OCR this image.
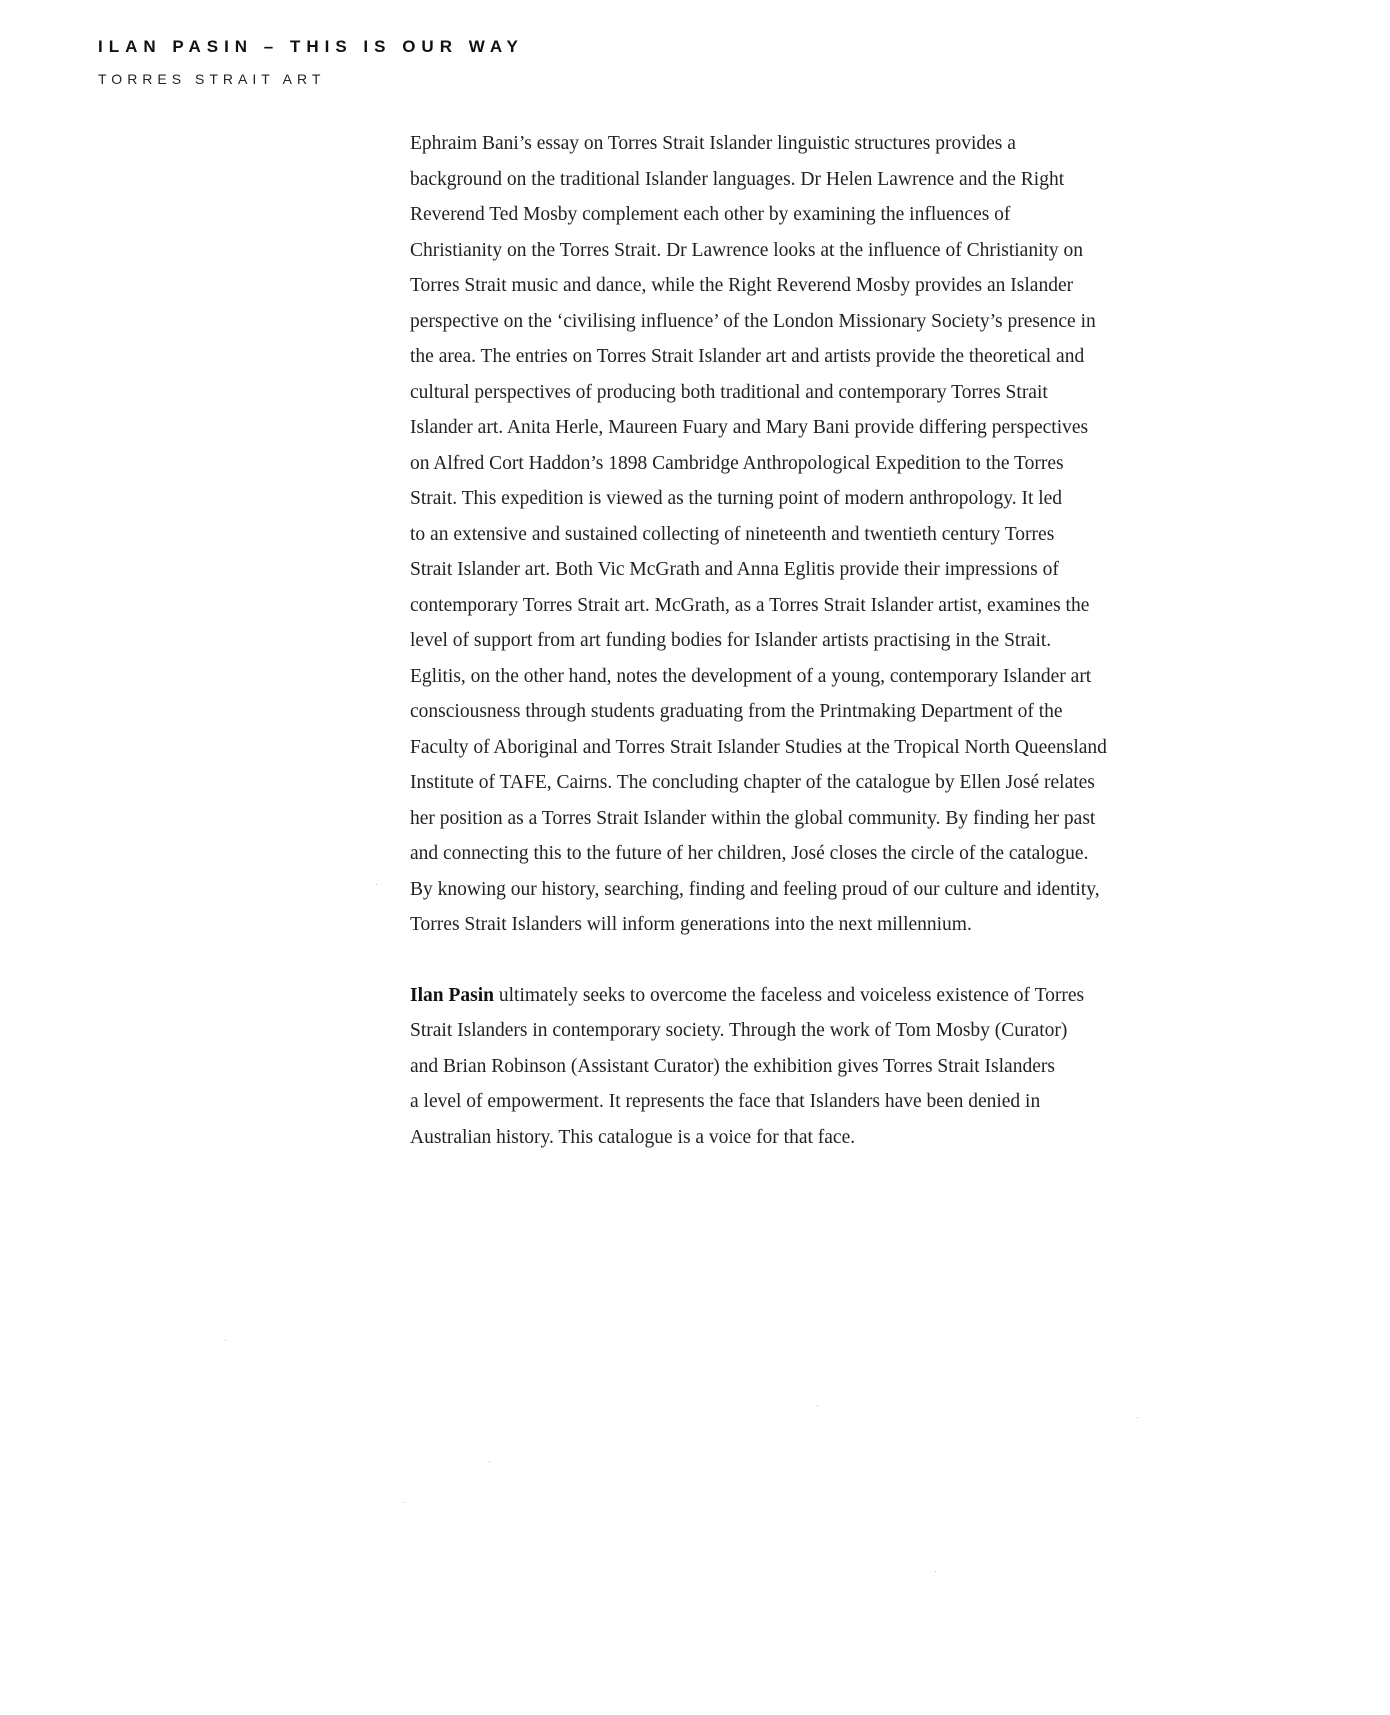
ILAN PASIN – THIS IS OUR WAY
TORRES STRAIT ART

Ephraim Bani’s essay on Torres Strait Islander linguistic structures provides a
background on the traditional Islander languages. Dr Helen Lawrence and the Right
Reverend Ted Mosby complement each other by examining the influences of
Christianity on the Torres Strait. Dr Lawrence looks at the influence of Christianity on
Torres Strait music and dance, while the Right Reverend Mosby provides an Islander
perspective on the ‘civilising influence’ of the London Missionary Society’s presence in
the area. The entries on Torres Strait Islander art and artists provide the theoretical and
cultural perspectives of producing both traditional and contemporary Torres Strait
Islander art. Anita Herle, Maureen Fuary and Mary Bani provide differing perspectives
on Alfred Cort Haddon’s 1898 Cambridge Anthropological Expedition to the Torres
Strait. This expedition is viewed as the turning point of modern anthropology. It led
to an extensive and sustained collecting of nineteenth and twentieth century Torres
Strait Islander art. Both Vic McGrath and Anna Eglitis provide their impressions of
contemporary Torres Strait art. McGrath, as a Torres Strait Islander artist, examines the
level of support from art funding bodies for Islander artists practising in the Strait.
Eglitis, on the other hand, notes the development of a young, contemporary Islander art
consciousness through students graduating from the Printmaking Department of the
Faculty of Aboriginal and Torres Strait Islander Studies at the Tropical North Queensland
Institute of TAFE, Cairns. The concluding chapter of the catalogue by Ellen José relates
her position as a Torres Strait Islander within the global community. By finding her past
and connecting this to the future of her children, José closes the circle of the catalogue.
By knowing our history, searching, finding and feeling proud of our culture and identity,
Torres Strait Islanders will inform generations into the next millennium.

Ilan Pasin ultimately seeks to overcome the faceless and voiceless existence of Torres
Strait Islanders in contemporary society. Through the work of Tom Mosby (Curator)
and Brian Robinson (Assistant Curator) the exhibition gives Torres Strait Islanders
a level of empowerment. It represents the face that Islanders have been denied in
Australian history. This catalogue is a voice for that face.
